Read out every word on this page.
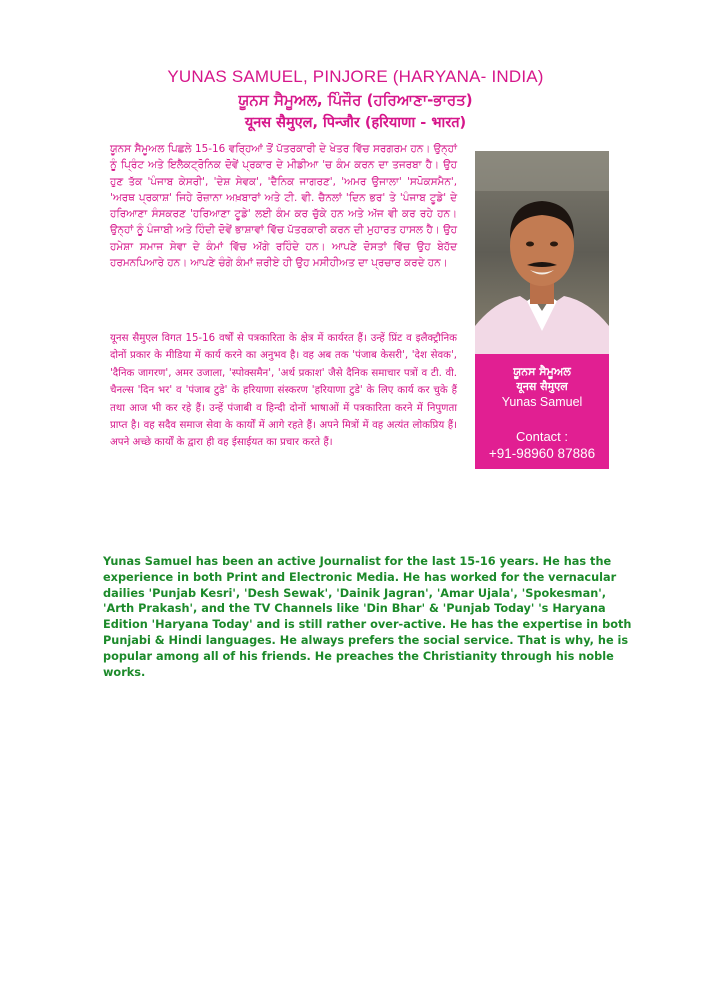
YUNAS SAMUEL, PINJORE (HARYANA- INDIA)
ਯੂਨਸ ਸੈਮੂਅਲ, ਪਿੰਜੌਰ (ਹਰਿਆਣਾ-ਭਾਰਤ)
यूनस सैमुएल, पिन्जौर (हरियाणा - भारत)

ਯੂਨਸ ਸੈਮੂਅਲ ਪਿਛਲੇ 15-16 ਵਰ੍ਹਿਆਂ ਤੋਂ ਪੱਤਰਕਾਰੀ ਦੇ ਖੇਤਰ ਵਿੱਚ ਸਰਗਰਮ ਹਨ। ਉਨ੍ਹਾਂ ਨੂੰ ਪ੍ਰਿੰਟ ਅਤੇ ਇਲੈਕਟ੍ਰੋਨਿਕ ਦੋਵੇਂ ਪ੍ਰਕਾਰ ਦੇ ਮੀਡੀਆ 'ਚ ਕੰਮ ਕਰਨ ਦਾ ਤਜਰਬਾ ਹੈ। ਉਹ ਹੁਣ ਤੱਕ 'ਪੰਜਾਬ ਕੇਸਰੀ', 'ਦੇਸ਼ ਸੇਵਕ', 'ਦੈਨਿਕ ਜਾਗਰਣ', 'ਅਮਰ ਉਜਾਲਾ' 'ਸਪੋਕਸਮੈਨ', 'ਅਰਥ ਪ੍ਰਕਾਸ਼' ਜਿਹੇ ਰੋਜ਼ਾਨਾ ਅਖ਼ਬਾਰਾਂ ਅਤੇ ਟੀ. ਵੀ. ਚੈਨਲਾਂ 'ਦਿਨ ਭਰ' ਤੇ 'ਪੰਜਾਬ ਟੂਡੇ' ਦੇ ਹਰਿਆਣਾ ਸੰਸਕਰਣ 'ਹਰਿਆਣਾ ਟੂਡੇ' ਲਈ ਕੰਮ ਕਰ ਚੁੱਕੇ ਹਨ ਅਤੇ ਅੱਜ ਵੀ ਕਰ ਰਹੇ ਹਨ। ਉਨ੍ਹਾਂ ਨੂੰ ਪੰਜਾਬੀ ਅਤੇ ਹਿੰਦੀ ਦੋਵੇਂ ਭਾਸ਼ਾਵਾਂ ਵਿੱਚ ਪੱਤਰਕਾਰੀ ਕਰਨ ਦੀ ਮੁਹਾਰਤ ਹਾਸਲ ਹੈ। ਉਹ ਹਮੇਸ਼ਾ ਸਮਾਜ ਸੇਵਾ ਦੇ ਕੰਮਾਂ ਵਿੱਚ ਅੱਗੇ ਰਹਿੰਦੇ ਹਨ। ਆਪਣੇ ਦੋਸਤਾਂ ਵਿੱਚ ਉਹ ਬੇਹੱਦ ਹਰਮਨਪਿਆਰੇ ਹਨ। ਆਪਣੇ ਚੰਗੇ ਕੰਮਾਂ ਜ਼ਰੀਏ ਹੀ ਉਹ ਮਸੀਹੀਅਤ ਦਾ ਪ੍ਰਚਾਰ ਕਰਦੇ ਹਨ।

यूनस सैमुएल विगत 15-16 वर्षों से पत्रकारिता के क्षेत्र में कार्यरत हैं। उन्हें प्रिंट व इलैक्ट्रौनिक दोनों प्रकार के मीडिया में कार्य करने का अनुभव है। वह अब तक 'पंजाब केसरी', 'देश सेवक', 'दैनिक जागरण', अमर उजाला, 'स्पोक्समैन', 'अर्थ प्रकाश' जैसे दैनिक समाचार पत्रों व टी. वी. चैनल्स 'दिन भर' व 'पंजाब टुडे' के हरियाणा संस्करण 'हरियाणा टुडे' के लिए कार्य कर चुके हैं तथा आज भी कर रहे हैं। उन्हें पंजाबी व हिन्दी दोनों भाषाओं में पत्रकारिता करने में निपुणता प्राप्त है। वह सदैव समाज सेवा के कार्यों में आगे रहते हैं। अपने मित्रों में वह अत्यंत लोकप्रिय हैं। अपने अच्छे कार्यों के द्वारा ही वह ईसाईयत का प्रचार करते हैं।

ਯੂਨਸ ਸੈਮੂਅਲ
यूनस सैमुएल
Yunas Samuel
Contact :
+91-98960 87886

Yunas Samuel has been an active Journalist for the last 15-16 years. He has the experience in both Print and Electronic Media. He has worked for the vernacular dailies 'Punjab Kesri', 'Desh Sewak', 'Dainik Jagran', 'Amar Ujala', 'Spokesman', 'Arth Prakash', and the TV Channels like 'Din Bhar' & 'Punjab Today' 's Haryana Edition 'Haryana Today' and is still rather over-active. He has the expertise in both Punjabi & Hindi languages. He always prefers the social service. That is why, he is popular among all of his friends. He preaches the Christianity through his noble works.
